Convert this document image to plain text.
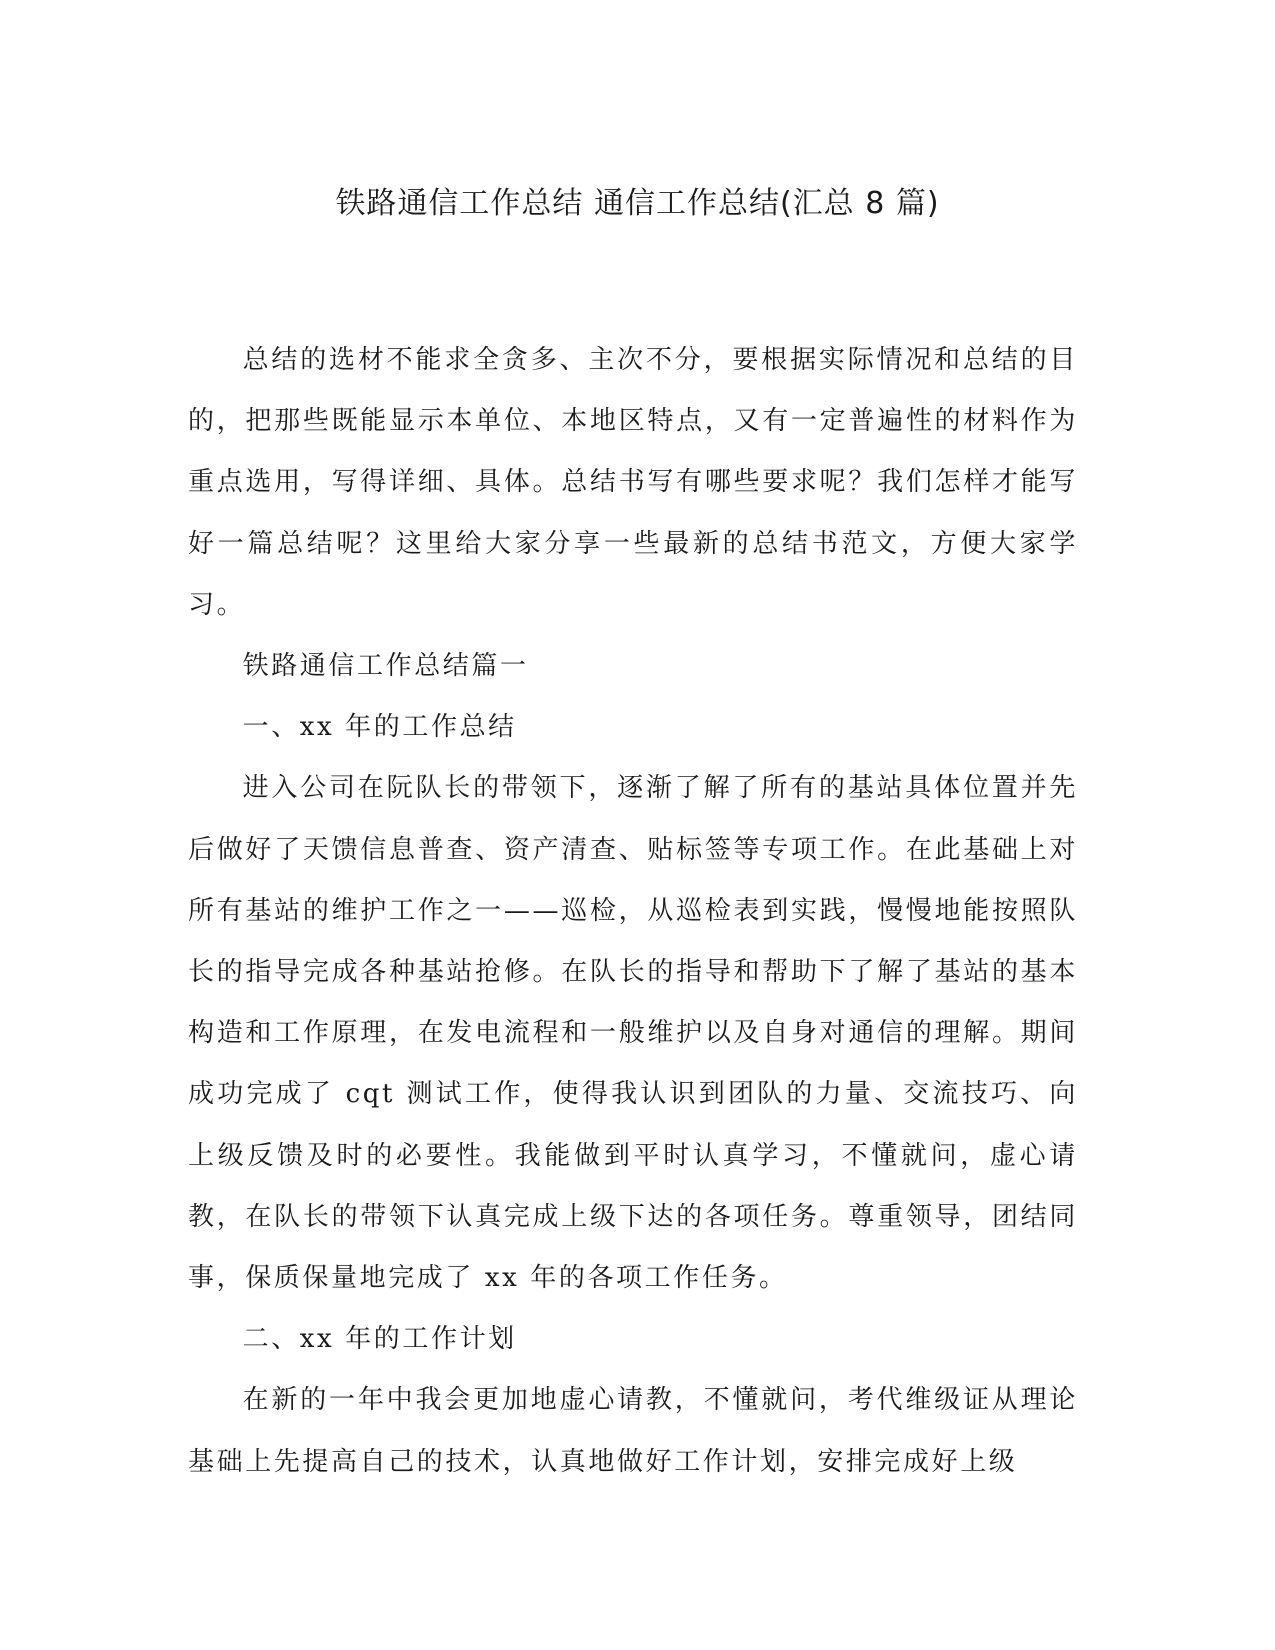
铁路通信工作总结 通信工作总结(汇总 8 篇)

总结的选材不能求全贪多、主次不分，要根据实际情况和总结的目的，把那些既能显示本单位、本地区特点，又有一定普遍性的材料作为重点选用，写得详细、具体。总结书写有哪些要求呢？我们怎样才能写好一篇总结呢？这里给大家分享一些最新的总结书范文，方便大家学习。

铁路通信工作总结篇一

一、xx 年的工作总结

进入公司在阮队长的带领下，逐渐了解了所有的基站具体位置并先后做好了天馈信息普查、资产清查、贴标签等专项工作。在此基础上对所有基站的维护工作之一——巡检，从巡检表到实践，慢慢地能按照队长的指导完成各种基站抢修。在队长的指导和帮助下了解了基站的基本构造和工作原理，在发电流程和一般维护以及自身对通信的理解。期间成功完成了 cqt 测试工作，使得我认识到团队的力量、交流技巧、向上级反馈及时的必要性。我能做到平时认真学习，不懂就问，虚心请教，在队长的带领下认真完成上级下达的各项任务。尊重领导，团结同事，保质保量地完成了 xx 年的各项工作任务。

二、xx 年的工作计划

在新的一年中我会更加地虚心请教，不懂就问，考代维级证从理论基础上先提高自己的技术，认真地做好工作计划，安排完成好上级
